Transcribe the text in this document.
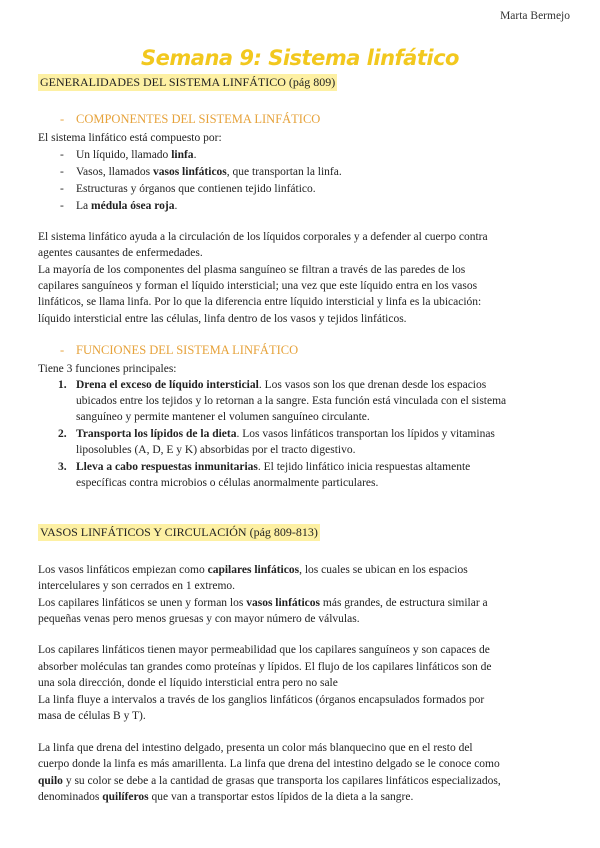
Marta Bermejo
Semana 9: Sistema linfático
GENERALIDADES DEL SISTEMA LINFÁTICO (pág 809)
- COMPONENTES DEL SISTEMA LINFÁTICO
El sistema linfático está compuesto por:
- Un líquido, llamado linfa.
- Vasos, llamados vasos linfáticos, que transportan la linfa.
- Estructuras y órganos que contienen tejido linfático.
- La médula ósea roja.
El sistema linfático ayuda a la circulación de los líquidos corporales y a defender al cuerpo contra
agentes causantes de enfermedades.
La mayoría de los componentes del plasma sanguíneo se filtran a través de las paredes de los
capilares sanguíneos y forman el líquido intersticial; una vez que este líquido entra en los vasos
linfáticos, se llama linfa. Por lo que la diferencia entre líquido intersticial y linfa es la ubicación:
líquido intersticial entre las células, linfa dentro de los vasos y tejidos linfáticos.
- FUNCIONES DEL SISTEMA LINFÁTICO
Tiene 3 funciones principales:
1. Drena el exceso de líquido intersticial. Los vasos son los que drenan desde los espacios
ubicados entre los tejidos y lo retornan a la sangre. Esta función está vinculada con el sistema
sanguíneo y permite mantener el volumen sanguíneo circulante.
2. Transporta los lípidos de la dieta. Los vasos linfáticos transportan los lípidos y vitaminas
liposolubles (A, D, E y K) absorbidas por el tracto digestivo.
3. Lleva a cabo respuestas inmunitarias. El tejido linfático inicia respuestas altamente
específicas contra microbios o células anormalmente particulares.
VASOS LINFÁTICOS Y CIRCULACIÓN (pág 809-813)
Los vasos linfáticos empiezan como capilares linfáticos, los cuales se ubican en los espacios
intercelulares y son cerrados en 1 extremo.
Los capilares linfáticos se unen y forman los vasos linfáticos más grandes, de estructura similar a
pequeñas venas pero menos gruesas y con mayor número de válvulas.
Los capilares linfáticos tienen mayor permeabilidad que los capilares sanguíneos y son capaces de
absorber moléculas tan grandes como proteínas y lípidos. El flujo de los capilares linfáticos son de
una sola dirección, donde el líquido intersticial entra pero no sale
La linfa fluye a intervalos a través de los ganglios linfáticos (órganos encapsulados formados por
masa de células B y T).
La linfa que drena del intestino delgado, presenta un color más blanquecino que en el resto del
cuerpo donde la linfa es más amarillenta. La linfa que drena del intestino delgado se le conoce como
quilo y su color se debe a la cantidad de grasas que transporta los capilares linfáticos especializados,
denominados quilíferos que van a transportar estos lípidos de la dieta a la sangre.
